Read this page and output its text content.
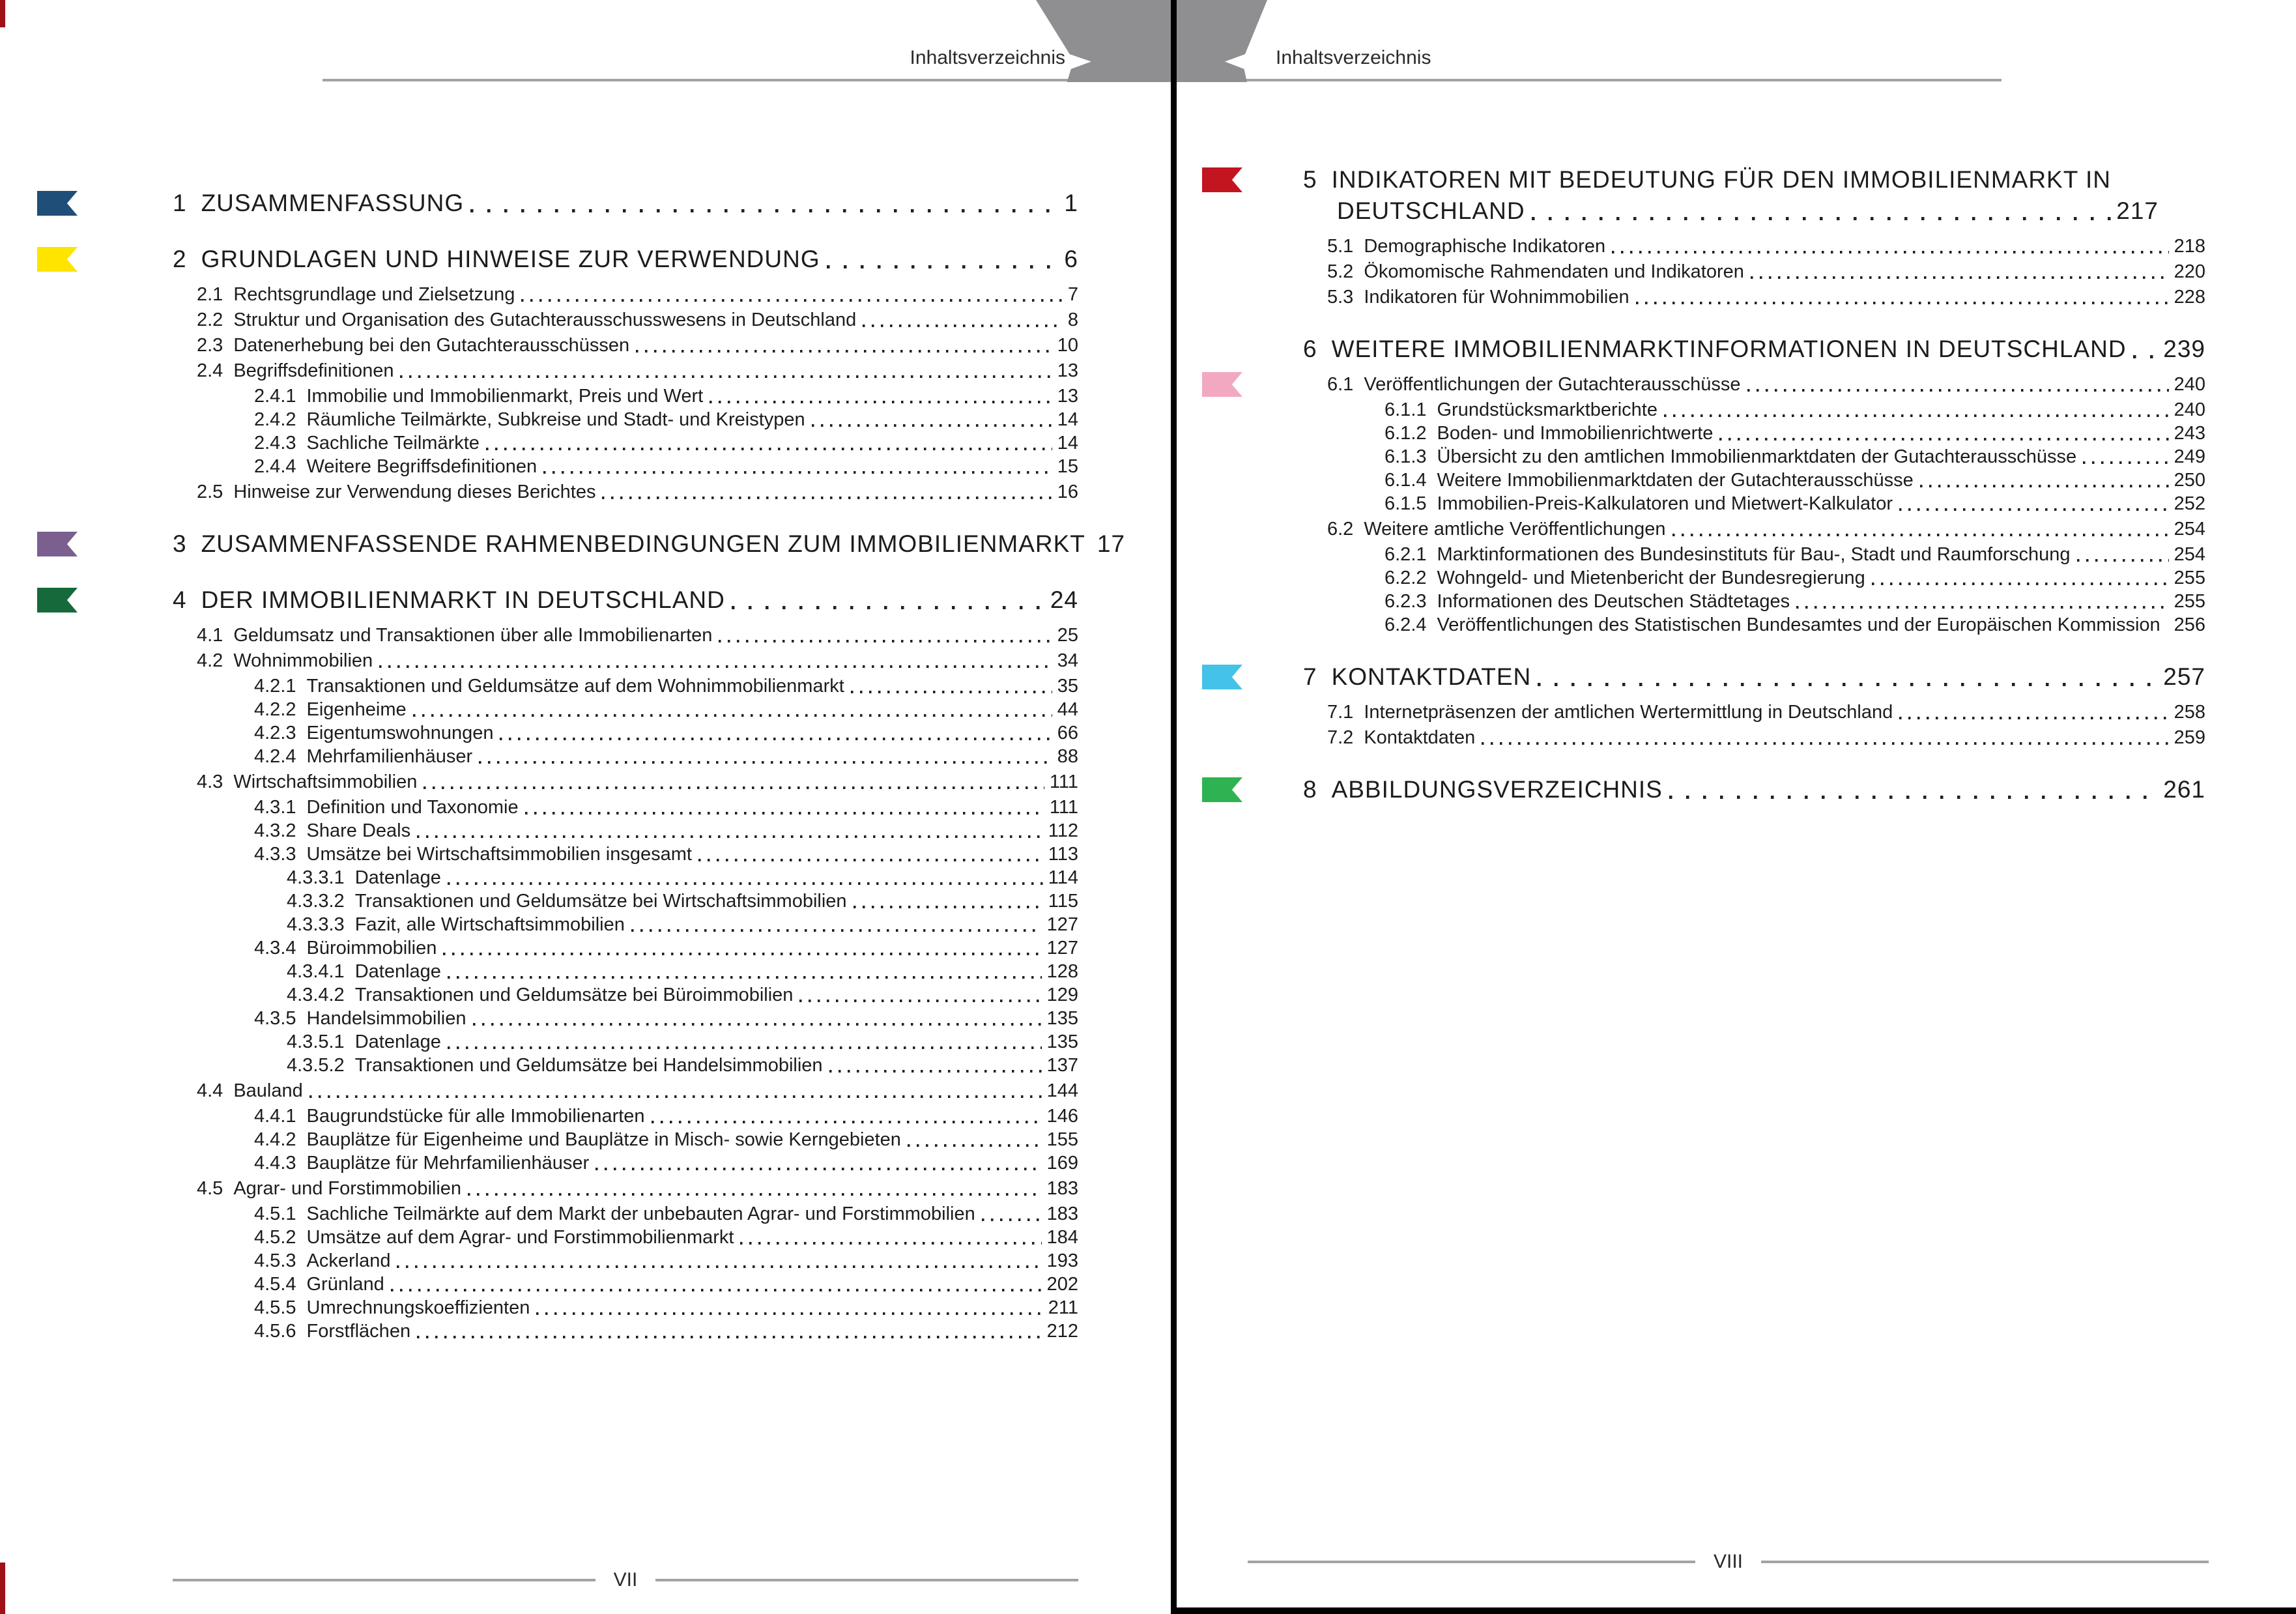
Inhaltsverzeichnis	Inhaltsverzeichnis
1 ZUSAMMENFASSUNG	1
2 GRUNDLAGEN UND HINWEISE ZUR VERWENDUNG	6
2.1 Rechtsgrundlage und Zielsetzung	7
2.2 Struktur und Organisation des Gutachterausschusswesens in Deutschland	8
2.3 Datenerhebung bei den Gutachterausschüssen	10
2.4 Begriffsdefinitionen	13
2.4.1 Immobilie und Immobilienmarkt, Preis und Wert	13
2.4.2 Räumliche Teilmärkte, Subkreise und Stadt- und Kreistypen	14
2.4.3 Sachliche Teilmärkte	14
2.4.4 Weitere Begriffsdefinitionen	15
2.5 Hinweise zur Verwendung dieses Berichtes	16
3 ZUSAMMENFASSENDE RAHMENBEDINGUNGEN ZUM IMMOBILIENMARKT 17
4 DER IMMOBILIENMARKT IN DEUTSCHLAND	24
4.1 Geldumsatz und Transaktionen über alle Immobilienarten	25
4.2 Wohnimmobilien	34
4.2.1 Transaktionen und Geldumsätze auf dem Wohnimmobilienmarkt	35
4.2.2 Eigenheime	44
4.2.3 Eigentumswohnungen	66
4.2.4 Mehrfamilienhäuser	88
4.3 Wirtschaftsimmobilien	111
4.3.1 Definition und Taxonomie	111
4.3.2 Share Deals	112
4.3.3 Umsätze bei Wirtschaftsimmobilien insgesamt	113
4.3.3.1 Datenlage	114
4.3.3.2 Transaktionen und Geldumsätze bei Wirtschaftsimmobilien	115
4.3.3.3 Fazit, alle Wirtschaftsimmobilien	127
4.3.4 Büroimmobilien	127
4.3.4.1 Datenlage	128
4.3.4.2 Transaktionen und Geldumsätze bei Büroimmobilien	129
4.3.5 Handelsimmobilien	135
4.3.5.1 Datenlage	135
4.3.5.2 Transaktionen und Geldumsätze bei Handelsimmobilien	137
4.4 Bauland	144
4.4.1 Baugrundstücke für alle Immobilienarten	146
4.4.2 Bauplätze für Eigenheime und Bauplätze in Misch- sowie Kerngebieten	155
4.4.3 Bauplätze für Mehrfamilienhäuser	169
4.5 Agrar- und Forstimmobilien	183
4.5.1 Sachliche Teilmärkte auf dem Markt der unbebauten Agrar- und Forstimmobilien	183
4.5.2 Umsätze auf dem Agrar- und Forstimmobilienmarkt	184
4.5.3 Ackerland	193
4.5.4 Grünland	202
4.5.5 Umrechnungskoeffizienten	211
4.5.6 Forstflächen	212
5 INDIKATOREN MIT BEDEUTUNG FÜR DEN IMMOBILIENMARKT IN
DEUTSCHLAND	217
5.1 Demographische Indikatoren	218
5.2 Ökomomische Rahmendaten und Indikatoren	220
5.3 Indikatoren für Wohnimmobilien	228
6 WEITERE IMMOBILIENMARKTINFORMATIONEN IN DEUTSCHLAND 239
6.1 Veröffentlichungen der Gutachterausschüsse	240
6.1.1 Grundstücksmarktberichte	240
6.1.2 Boden- und Immobilienrichtwerte	243
6.1.3 Übersicht zu den amtlichen Immobilienmarktdaten der Gutachterausschüsse	249
6.1.4 Weitere Immobilienmarktdaten der Gutachterausschüsse	250
6.1.5 Immobilien-Preis-Kalkulatoren und Mietwert-Kalkulator	252
6.2 Weitere amtliche Veröffentlichungen	254
6.2.1 Marktinformationen des Bundesinstituts für Bau-, Stadt und Raumforschung	254
6.2.2 Wohngeld- und Mietenbericht der Bundesregierung	255
6.2.3 Informationen des Deutschen Städtetages	255
6.2.4 Veröffentlichungen des Statistischen Bundesamtes und der Europäischen Kommission 256
7 KONTAKTDATEN	257
7.1 Internetpräsenzen der amtlichen Wertermittlung in Deutschland	258
7.2 Kontaktdaten	259
8 ABBILDUNGSVERZEICHNIS	261
VII
VIII
